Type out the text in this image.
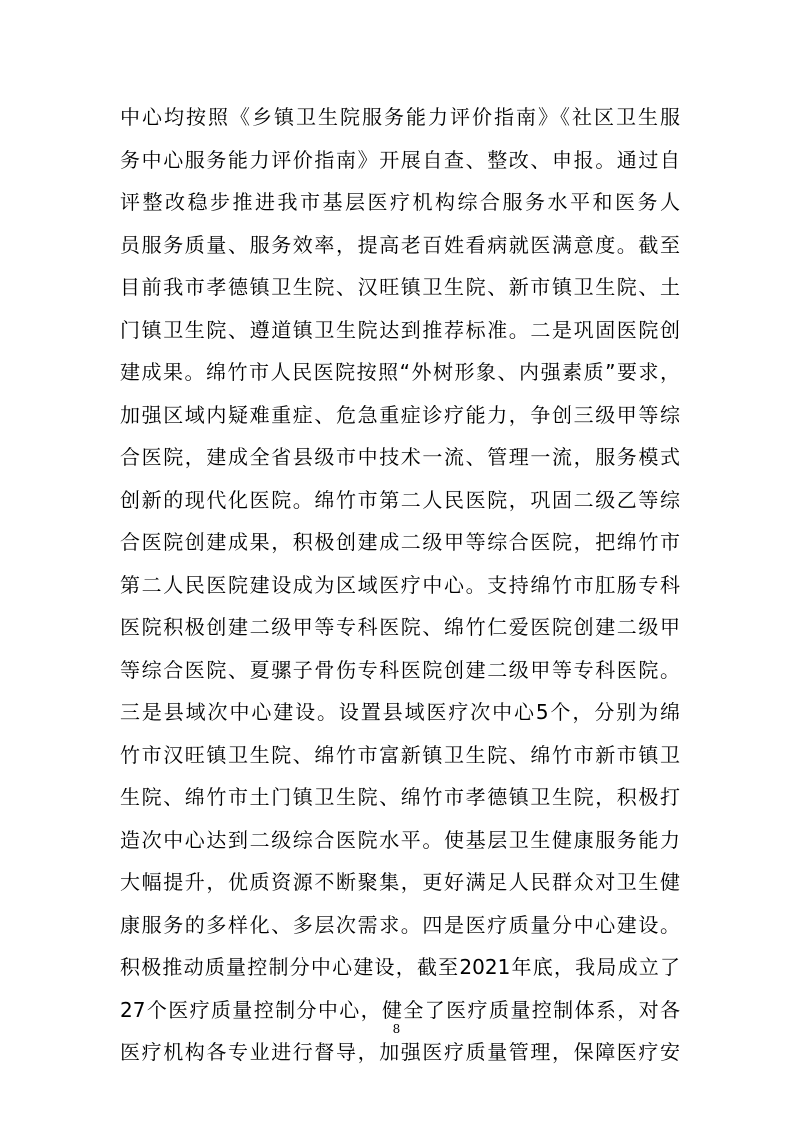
中心均按照《乡镇卫生院服务能力评价指南》《社区卫生服
务中心服务能力评价指南》开展自查、整改、申报。通过自
评整改稳步推进我市基层医疗机构综合服务水平和医务人
员服务质量、服务效率，提高老百姓看病就医满意度。截至
目前我市孝德镇卫生院、汉旺镇卫生院、新市镇卫生院、土
门镇卫生院、遵道镇卫生院达到推荐标准。二是巩固医院创
建成果。绵竹市人民医院按照“外树形象、内强素质”要求，
加强区域内疑难重症、危急重症诊疗能力，争创三级甲等综
合医院，建成全省县级市中技术一流、管理一流，服务模式
创新的现代化医院。绵竹市第二人民医院，巩固二级乙等综
合医院创建成果，积极创建成二级甲等综合医院，把绵竹市
第二人民医院建设成为区域医疗中心。支持绵竹市肛肠专科
医院积极创建二级甲等专科医院、绵竹仁爱医院创建二级甲
等综合医院、夏骡子骨伤专科医院创建二级甲等专科医院。
三是县域次中心建设。设置县域医疗次中心5个，分别为绵
竹市汉旺镇卫生院、绵竹市富新镇卫生院、绵竹市新市镇卫
生院、绵竹市土门镇卫生院、绵竹市孝德镇卫生院，积极打
造次中心达到二级综合医院水平。使基层卫生健康服务能力
大幅提升，优质资源不断聚集，更好满足人民群众对卫生健
康服务的多样化、多层次需求。四是医疗质量分中心建设。
积极推动质量控制分中心建设，截至2021年底，我局成立了
27个医疗质量控制分中心，健全了医疗质量控制体系，对各
医疗机构各专业进行督导，加强医疗质量管理，保障医疗安
8
